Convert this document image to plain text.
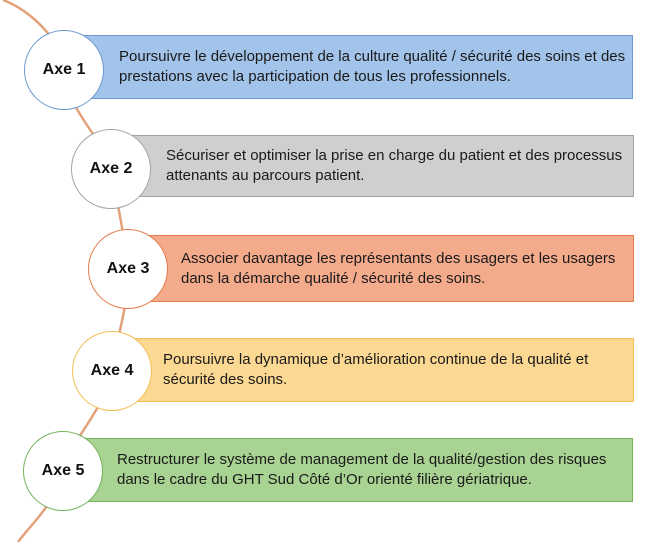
Poursuivre le développement de la culture qualité / sécurité des soins et des prestations avec la participation de tous les professionnels.
Axe 1
Sécuriser et optimiser la prise en charge du patient et des processus attenants au parcours patient.
Axe 2
Associer davantage les représentants des usagers et les usagers dans la démarche qualité / sécurité des soins.
Axe 3
Poursuivre la dynamique d’amélioration continue de la qualité et sécurité des soins.
Axe 4
Restructurer le système de management de la qualité/gestion des risques dans le cadre du GHT Sud Côté d’Or orienté filière gériatrique.
Axe 5
